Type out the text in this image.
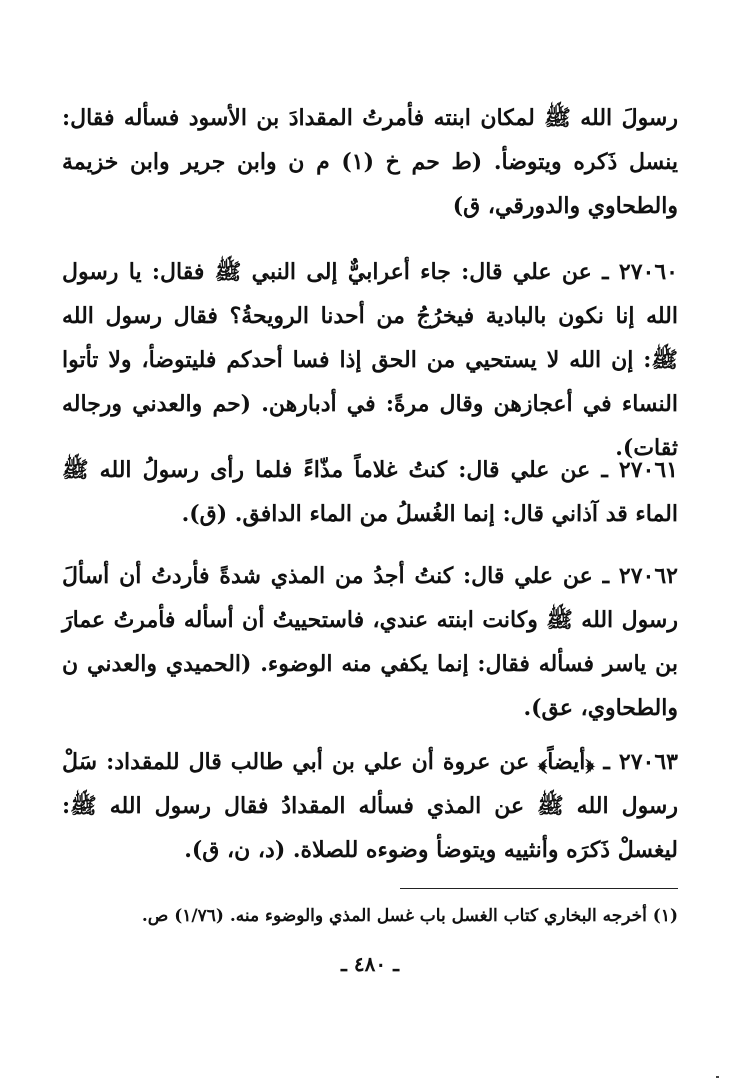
رسولَ الله ﷺ لمكان ابنته فأمرتُ المقدادَ بن الأسود فسأله فقال: ينسل ذَكره ويتوضأ. (ط حم خ (١) م ن وابن جرير وابن خزيمة والطحاوي والدورقي، ق)
٢٧٠٦٠ ـ عن علي قال: جاء أعرابيٌّ إلى النبي ﷺ فقال: يا رسول الله إنا نكون بالبادية فيخرُجُ من أحدنا الرويحةُ؟ فقال رسول الله ﷺ: إن الله لا يستحيي من الحق إذا فسا أحدكم فليتوضأ، ولا تأتوا النساء في أعجازهن وقال مرةً: في أدبارهن. (حم والعدني ورجاله ثقات).
٢٧٠٦١ ـ عن علي قال: كنتُ غلاماً مذّاءً فلما رأى رسولُ الله ﷺ الماء قد آذاني قال: إنما الغُسلُ من الماء الدافق. (ق).
٢٧٠٦٢ ـ عن علي قال: كنتُ أجدُ من المذي شدةً فأردتُ أن أسألَ رسول الله ﷺ وكانت ابنته عندي، فاستحييتُ أن أسأله فأمرتُ عمارَ بن ياسر فسأله فقال: إنما يكفي منه الوضوء. (الحميدي والعدني ن والطحاوي، عق).
٢٧٠٦٣ ـ ﴿أيضاً﴾ عن عروة أن علي بن أبي طالب قال للمقداد: سَلْ رسول الله ﷺ عن المذي فسأله المقدادُ فقال رسول الله ﷺ: ليغسلْ ذَكرَه وأنثييه ويتوضأ وضوءه للصلاة. (د، ن، ق).
(١) أخرجه البخاري كتاب الغسل باب غسل المذي والوضوء منه. (١/٧٦) ص.
ـ ٤٨٠ ـ
